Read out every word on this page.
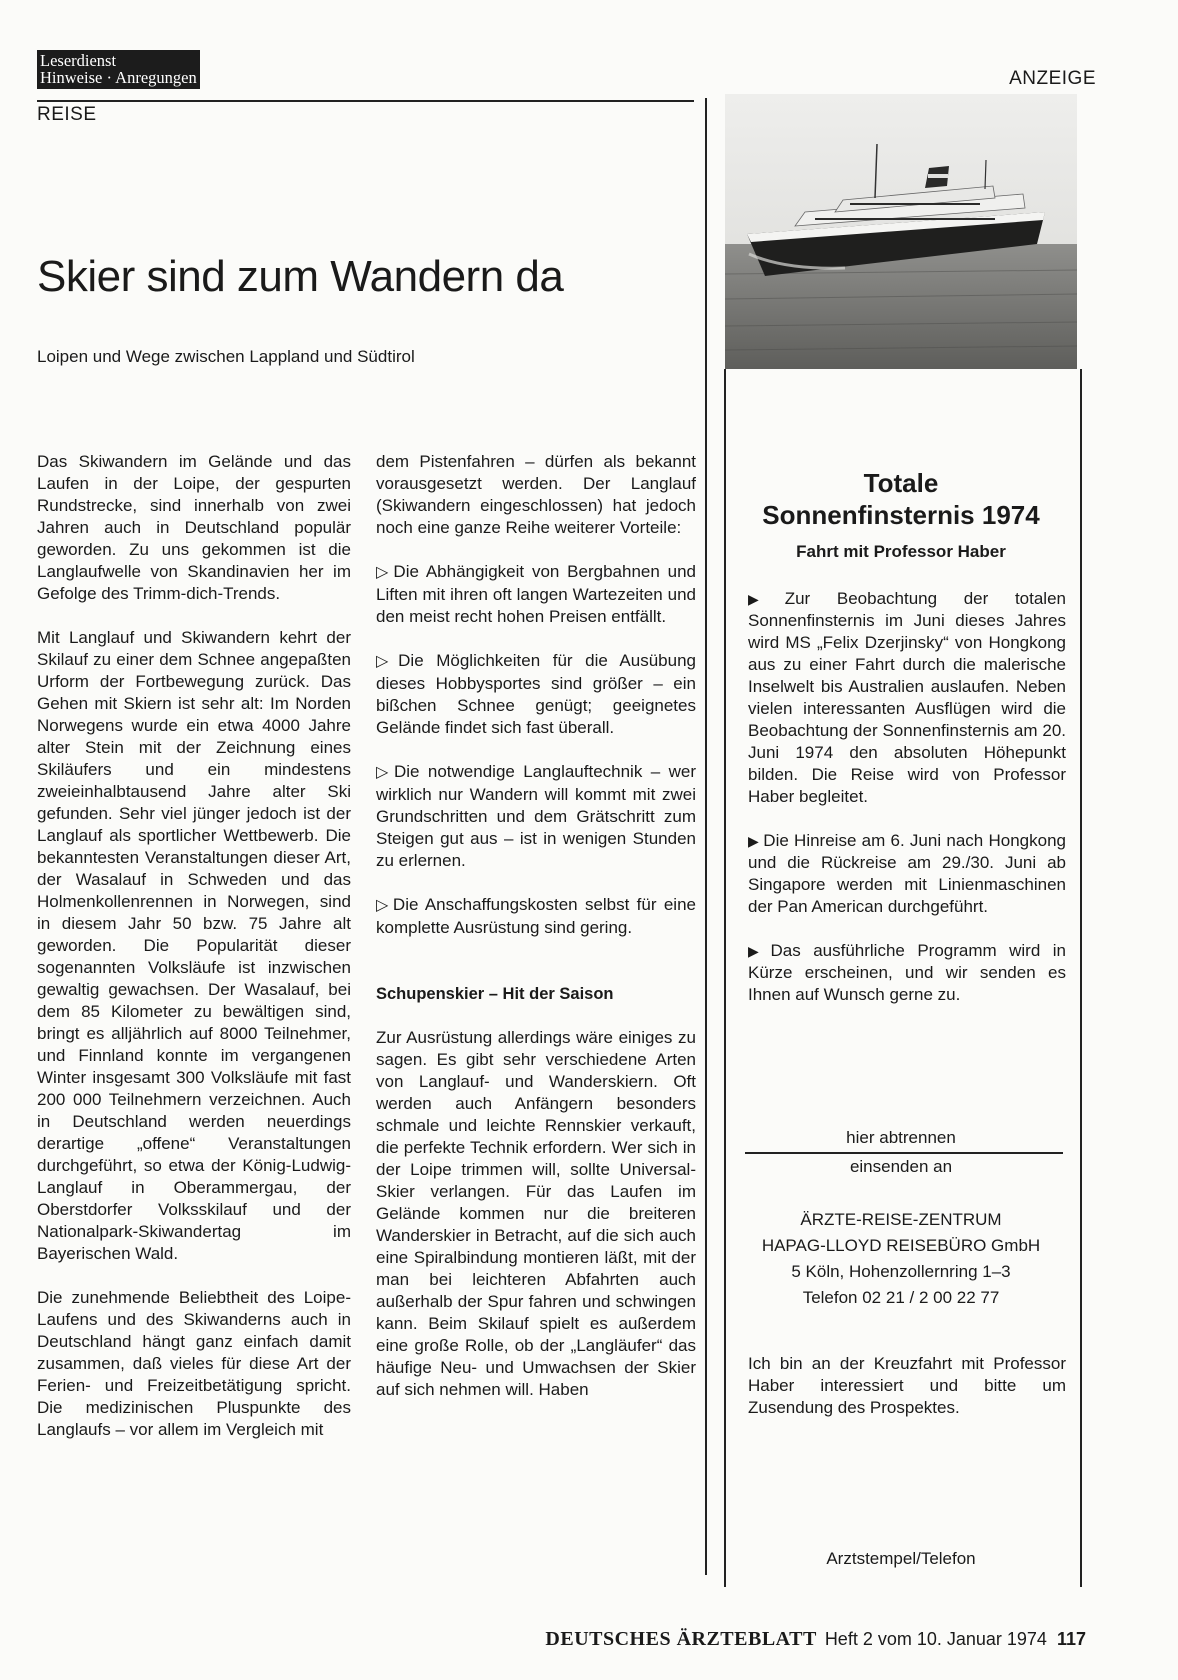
Leserdienst
Hinweise · Anregungen
REISE
ANZEIGE
Skier sind zum Wandern da
Loipen und Wege zwischen Lappland und Südtirol

Das Skiwandern im Gelände und das Laufen in der Loipe, der gespurten Rundstrecke, sind innerhalb von zwei Jahren auch in Deutschland populär geworden. Zu uns gekommen ist die Langlaufwelle von Skandinavien her im Gefolge des Trimm-dich-Trends.

Mit Langlauf und Skiwandern kehrt der Skilauf zu einer dem Schnee angepaßten Urform der Fortbewegung zurück. Das Gehen mit Skiern ist sehr alt: Im Norden Norwegens wurde ein etwa 4000 Jahre alter Stein mit der Zeichnung eines Skiläufers und ein mindestens zweieinhalbtausend Jahre alter Ski gefunden. Sehr viel jünger jedoch ist der Langlauf als sportlicher Wettbewerb. Die bekanntesten Veranstaltungen dieser Art, der Wasalauf in Schweden und das Holmenkollenrennen in Norwegen, sind in diesem Jahr 50 bzw. 75 Jahre alt geworden. Die Popularität dieser sogenannten Volksläufe ist inzwischen gewaltig gewachsen. Der Wasalauf, bei dem 85 Kilometer zu bewältigen sind, bringt es alljährlich auf 8000 Teilnehmer, und Finnland konnte im vergangenen Winter insgesamt 300 Volksläufe mit fast 200 000 Teilnehmern verzeichnen. Auch in Deutschland werden neuerdings derartige „offene“ Veranstaltungen durchgeführt, so etwa der König-Ludwig-Langlauf in Oberammergau, der Oberstdorfer Volksskilauf und der Nationalpark-Skiwandertag im Bayerischen Wald.

Die zunehmende Beliebtheit des Loipe-Laufens und des Skiwanderns auch in Deutschland hängt ganz einfach damit zusammen, daß vieles für diese Art der Ferien- und Freizeitbetätigung spricht. Die medizinischen Pluspunkte des Langlaufs – vor allem im Vergleich mit

dem Pistenfahren – dürfen als bekannt vorausgesetzt werden. Der Langlauf (Skiwandern eingeschlossen) hat jedoch noch eine ganze Reihe weiterer Vorteile:

▷ Die Abhängigkeit von Bergbahnen und Liften mit ihren oft langen Wartezeiten und den meist recht hohen Preisen entfällt.

▷ Die Möglichkeiten für die Ausübung dieses Hobbysportes sind größer – ein bißchen Schnee genügt; geeignetes Gelände findet sich fast überall.

▷ Die notwendige Langlauftechnik – wer wirklich nur Wandern will kommt mit zwei Grundschritten und dem Grätschritt zum Steigen gut aus – ist in wenigen Stunden zu erlernen.

▷ Die Anschaffungskosten selbst für eine komplette Ausrüstung sind gering.

Schupenskier – Hit der Saison

Zur Ausrüstung allerdings wäre einiges zu sagen. Es gibt sehr verschiedene Arten von Langlauf- und Wanderskiern. Oft werden auch Anfängern besonders schmale und leichte Rennskier verkauft, die perfekte Technik erfordern. Wer sich in der Loipe trimmen will, sollte Universal-Skier verlangen. Für das Laufen im Gelände kommen nur die breiteren Wanderskier in Betracht, auf die sich auch eine Spiralbindung montieren läßt, mit der man bei leichteren Abfahrten auch außerhalb der Spur fahren und schwingen kann. Beim Skilauf spielt es außerdem eine große Rolle, ob der „Langläufer“ das häufige Neu- und Umwachsen der Skier auf sich nehmen will. Haben

Totale
Sonnenfinsternis 1974
Fahrt mit Professor Haber

▶ Zur Beobachtung der totalen Sonnenfinsternis im Juni dieses Jahres wird MS „Felix Dzerjinsky“ von Hongkong aus zu einer Fahrt durch die malerische Inselwelt bis Australien auslaufen. Neben vielen interessanten Ausflügen wird die Beobachtung der Sonnenfinsternis am 20. Juni 1974 den absoluten Höhepunkt bilden. Die Reise wird von Professor Haber begleitet.

▶ Die Hinreise am 6. Juni nach Hongkong und die Rückreise am 29./30. Juni ab Singapore werden mit Linienmaschinen der Pan American durchgeführt.

▶ Das ausführliche Programm wird in Kürze erscheinen, und wir senden es Ihnen auf Wunsch gerne zu.

hier abtrennen
einsenden an
ÄRZTE-REISE-ZENTRUM
HAPAG-LLOYD REISEBÜRO GmbH
5 Köln, Hohenzollernring 1–3
Telefon 02 21 / 2 00 22 77
Ich bin an der Kreuzfahrt mit Professor Haber interessiert und bitte um Zusendung des Prospektes.
Arztstempel/Telefon
DEUTSCHES ÄRZTEBLATT Heft 2 vom 10. Januar 1974 117
